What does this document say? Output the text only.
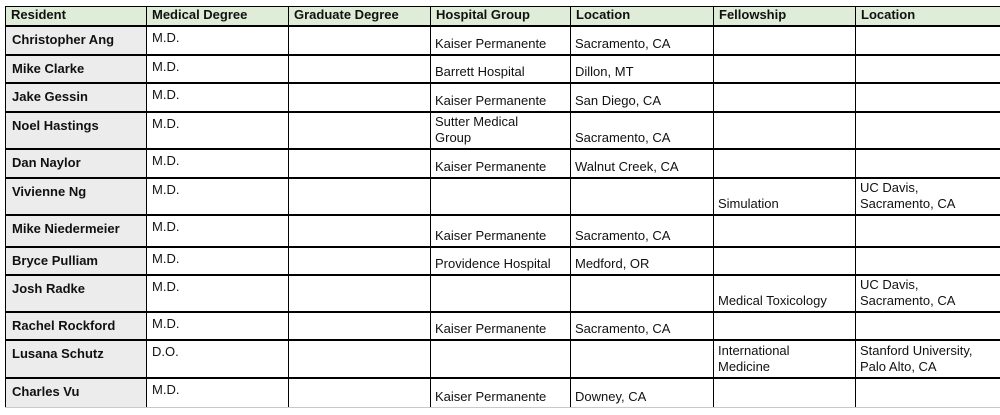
Resident	Medical Degree	Graduate Degree	Hospital Group	Location	Fellowship	Location
Christopher Ang	M.D.		Kaiser Permanente	Sacramento, CA		
Mike Clarke	M.D.		Barrett Hospital	Dillon, MT		
Jake Gessin	M.D.		Kaiser Permanente	San Diego, CA		
Noel Hastings	M.D.		Sutter Medical Group	Sacramento, CA		
Dan Naylor	M.D.		Kaiser Permanente	Walnut Creek, CA		
Vivienne Ng	M.D.				Simulation	UC Davis, Sacramento, CA
Mike Niedermeier	M.D.		Kaiser Permanente	Sacramento, CA		
Bryce Pulliam	M.D.		Providence Hospital	Medford, OR		
Josh Radke	M.D.				Medical Toxicology	UC Davis, Sacramento, CA
Rachel Rockford	M.D.		Kaiser Permanente	Sacramento, CA		
Lusana Schutz	D.O.				International Medicine	Stanford University, Palo Alto, CA
Charles Vu	M.D.		Kaiser Permanente	Downey, CA		
